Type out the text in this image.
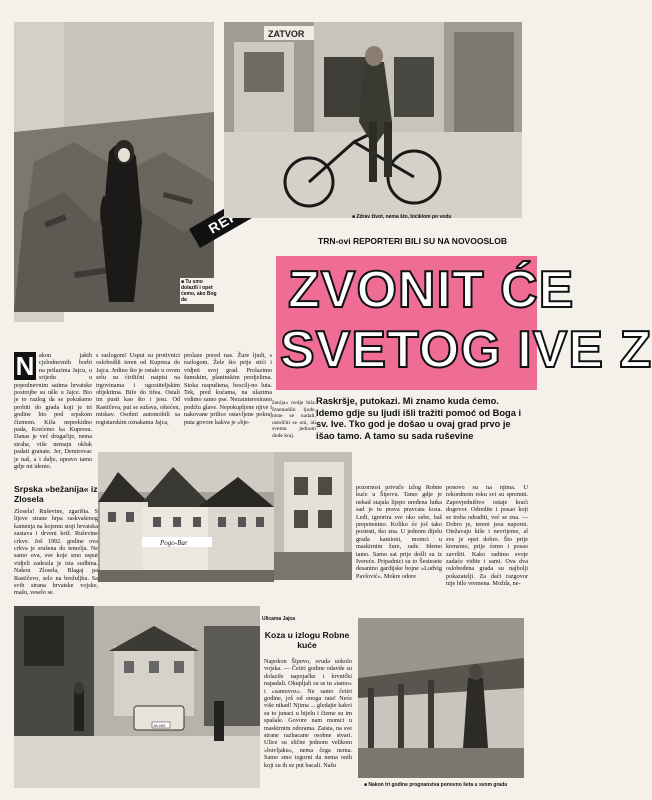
■ Tu smo dolazili i opet ćemo, ako Bog da
ZATVOR
■ Zdrav život, nema što, biciklom po vodu
TRN-ovi REPORTERI BILI SU NA NOVOOSLOB
ZVONIT ĆE
SVETOG IVE Z
Raskršje, putokazi. Mi znamo kuda ćemo. Idemo gdje su ljudi išli tražiti pomoć od Boga i sv. Ive. Tko god je došao u ovaj grad prvo je išao tamo. A tamo su sada ruševine
N akon jakih cjelodnevnih borbi na prilazima Jajcu, u srijedu u popodnevnim satima hrvatske postrojbe su ušle u Jajce. Bio je to razlog da se pokušamo probiti do grada koji je tri godine bio pod srpskom čizmom. Kiša neprekidno pada, Krećemo ka Kupresu. Danas je već drugačije, nema straha, više nemaju okluk padati granate. Jer, Demirovac je naš, a i dalje, upravo tamo gdje mi idemo.
s razlogom! Usput su protivnici oslobodili teren od Kupresa do Jajca. Jedino što je ostalo u ovom selu su ćirilični natpisi na trgovinama i ugostiteljskim objektima. Bife do tifea. Ostali im pusti kao što i jesu. Od Rastičeva, put se sužava, oštećen, miskav. Osobni automobili sa registarskim oznakama Jajca,
prolaze pored nas. Žure ljudi, s razlogom. Žele što prije stići i vidjeti svoj grad. Prolazimo šumskim, planinskim predjelima. Stoka raspuštena, bescilj-no luta. Tek, pred kućama, na ulazima vidimo samo pse. Nezainteresirano podižu glave. Nepokupljene njive i nakovane prilice ostavljene pokraj puta govore kakva je »bje-
žanija« ovdje bila. Iznenadilo ljude, niste se nadali, ustolčiti se oni, ali svemu jednom dođe kraj.
Srpska »bežanija« iz Zlosela
Zlosela! Ruševine, zgarišta. S lijeve strane hrpa raskvašenog kamenja na kojemu stoji hrvatska zastava i drveni križ. Ruševine crkve. Još 1992. godine ova crkva je srušena do temelja. Ne samo ova, sve koje smo usput vidjeli zadesila je ista sudbina. Nakon Zlosela, Blagaj pa Rastičevo, selo na brežuljku. Sa svih strana hrvatske vojske, mašu, veselo se.
Pogo-Bar
pozornost privuče izlog Robne kuće u Šipovu. Tamo gdje je nekad stajala lijepo uređena lutka sad je tu prava pravcata koza. Leđi, ignorira sve oko sebe, baš prepotentno. Koliko će još tako postrati, tko zna. U jednom dijelu grada kamioni, momci u maskirnim žure, rade. Idemo tamo. Samo sat prije došli su iz Ivereće. Pripadnici su to Šestesete desantno gardijske bojne »Ludvig Pavlović«. Mokre odore
ponovo su na njima. U rekordnom roku svi su spremni. Zapovjedništvo ostaje kraći dogovor. Odredite i posao koji se treba odraditi, već se zna. — Dobro je, tereni jesu naporni. Otežavaju kiše i nevrijeme, al sve je opet dobro. Što prije krenemo, prije ćemo i posao završiti. Kako radimo svoje zadaće vidite i sami. Ova dva oslobođena grada su najbolji pokazatelji. Za daći razgovor nije bilo vremena. Možda, ne-
JA 453
Ulicama Jajca
Koza u izlogu Robne kuće
Napokon Šipovo, svuda uokolo vojska. — Četiri godine odavde su dolazile napojačke i krvnički napadali. Okupljali su se tu »tamo« i »samovoz«. Ne samo četiri godine, još od onoga rata! Neće više nikad! Njima ... gledajte kakvi su to junaci u bijelu i čizme su im spašale. Govore nam momci u maskirnim odorama. Zaista, na sve strane razbacane osobne stvari. Ulice su slične jednom velikom »buvljaku«, nema čega nema. Samo smo izgorni da nema onih koji su ih uz put bacali. Našu
■ Nakon tri godine prognanstva ponovno šeta u svom gradu
